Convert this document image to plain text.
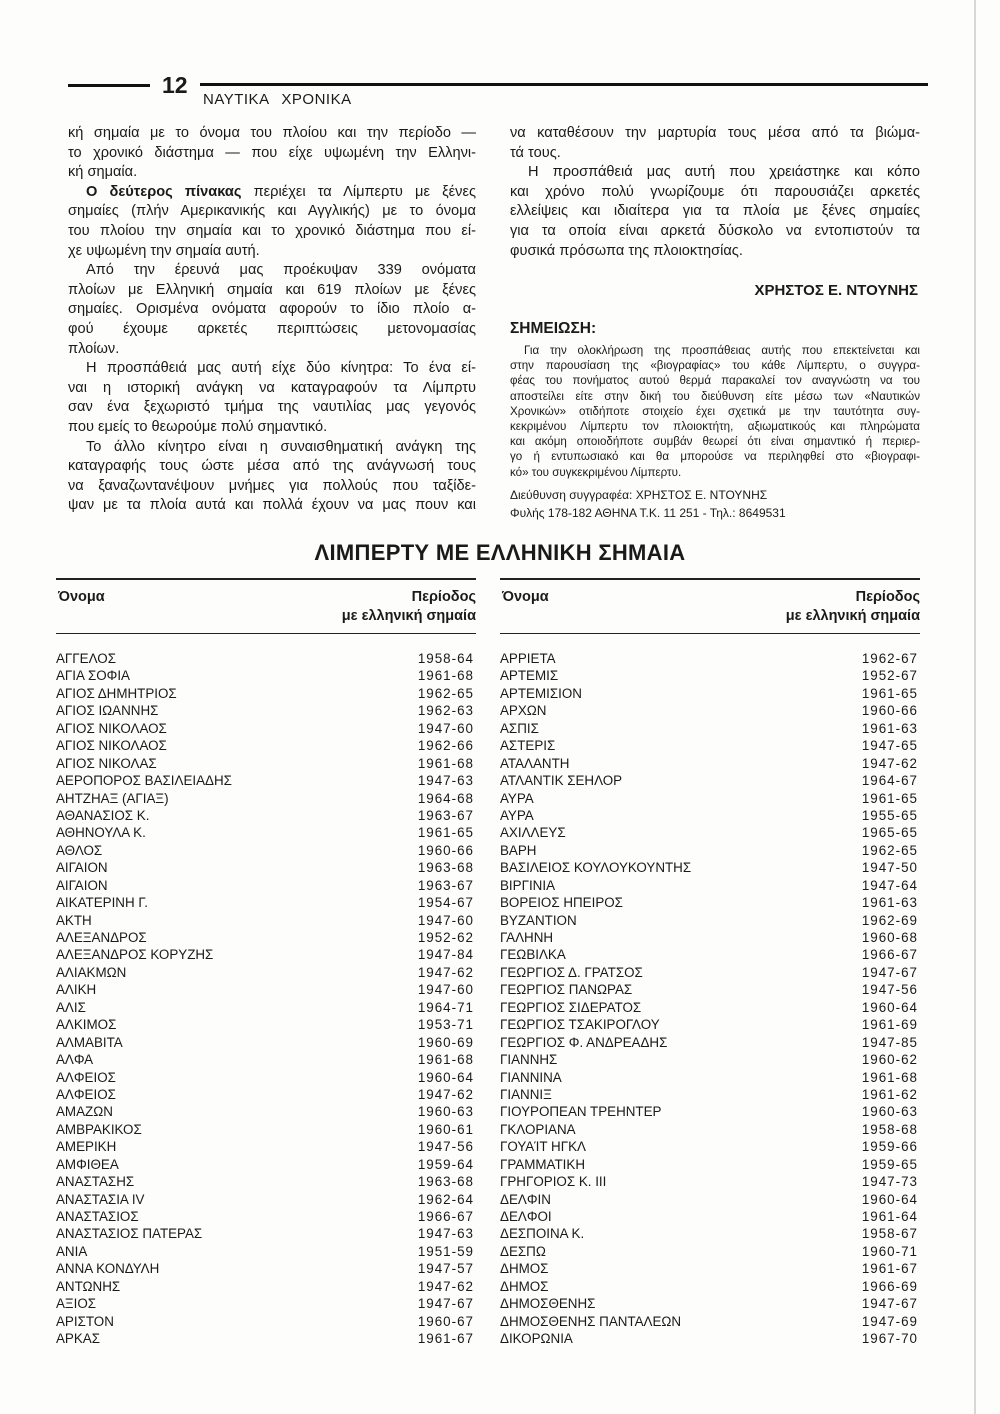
12
ΝΑΥΤΙΚΑ ΧΡΟΝΙΚΑ
κή σημαία με το όνομα του πλοίου και την περίοδο —
το χρονικό διάστημα — που είχε υψωμένη την Ελληνι-
κή σημαία.
Ο δεύτερος πίνακας περιέχει τα Λίμπερτυ με ξένες
σημαίες (πλήν Αμερικανικής και Αγγλικής) με το όνομα
του πλοίου την σημαία και το χρονικό διάστημα που εί-
χε υψωμένη την σημαία αυτή.
Από την έρευνά μας προέκυψαν 339 ονόματα
πλοίων με Ελληνική σημαία και 619 πλοίων με ξένες
σημαίες. Ορισμένα ονόματα αφορούν το ίδιο πλοίο α-
φού έχουμε αρκετές περιπτώσεις μετονομασίας
πλοίων.
Η προσπάθειά μας αυτή είχε δύο κίνητρα: Το ένα εί-
ναι η ιστορική ανάγκη να καταγραφούν τα Λίμπρτυ
σαν ένα ξεχωριστό τμήμα της ναυτιλίας μας γεγονός
που εμείς το θεωρούμε πολύ σημαντικό.
Το άλλο κίνητρο είναι η συναισθηματική ανάγκη της
καταγραφής τους ώστε μέσα από της ανάγνωσή τους
να ξαναζωντανέψουν μνήμες για πολλούς που ταξίδε-
ψαν με τα πλοία αυτά και πολλά έχουν να μας πουν και
να καταθέσουν την μαρτυρία τους μέσα από τα βιώμα-
τά τους.
Η προσπάθειά μας αυτή που χρειάστηκε και κόπο
και χρόνο πολύ γνωρίζουμε ότι παρουσιάζει αρκετές
ελλείψεις και ιδιαίτερα για τα πλοία με ξένες σημαίες
για τα οποία είναι αρκετά δύσκολο να εντοπιστούν τα
φυσικά πρόσωπα της πλοιοκτησίας.
ΧΡΗΣΤΟΣ Ε. ΝΤΟΥΝΗΣ
ΣΗΜΕΙΩΣΗ:
Για την ολοκλήρωση της προσπάθειας αυτής που επεκτείνεται και
στην παρουσίαση της «βιογραφίας» του κάθε Λίμπερτυ, ο συγγρα-
φέας του πονήματος αυτού θερμά παρακαλεί τον αναγνώστη να του
αποστείλει είτε στην δική του διεύθυνση είτε μέσω των «Ναυτικών
Χρονικών» οτιδήποτε στοιχείο έχει σχετικά με την ταυτότητα συγ-
κεκριμένου Λίμπερτυ τον πλοιοκτήτη, αξιωματικούς και πληρώματα
και ακόμη οποιοδήποτε συμβάν θεωρεί ότι είναι σημαντικό ή περιερ-
γο ή εντυπωσιακό και θα μπορούσε να περιληφθεί στο «βιογραφι-
κό» του συγκεκριμένου Λίμπερτυ.
Διεύθυνση συγγραφέα: ΧΡΗΣΤΟΣ Ε. ΝΤΟΥΝΗΣ
Φυλής 178-182 ΑΘΗΝΑ Τ.Κ. 11 251 - Τηλ.: 8649531
ΛΙΜΠΕΡΤΥ ΜΕ ΕΛΛΗΝΙΚΗ ΣΗΜΑΙΑ
Όνομα	Περίοδος
με ελληνική σημαία
ΑΓΓΕΛΟΣ	1958-64
ΑΓΙΑ ΣΟΦΙΑ	1961-68
ΑΓΙΟΣ ΔΗΜΗΤΡΙΟΣ	1962-65
ΑΓΙΟΣ ΙΩΑΝΝΗΣ	1962-63
ΑΓΙΟΣ ΝΙΚΟΛΑΟΣ	1947-60
ΑΓΙΟΣ ΝΙΚΟΛΑΟΣ	1962-66
ΑΓΙΟΣ ΝΙΚΟΛΑΣ	1961-68
ΑΕΡΟΠΟΡΟΣ ΒΑΣΙΛΕΙΑΔΗΣ	1947-63
ΑΗΤΖΗΑΞ (ΑΓΙΑΞ)	1964-68
ΑΘΑΝΑΣΙΟΣ Κ.	1963-67
ΑΘΗΝΟΥΛΑ Κ.	1961-65
ΑΘΛΟΣ	1960-66
ΑΙΓΑΙΟΝ	1963-68
ΑΙΓΑΙΟΝ	1963-67
ΑΙΚΑΤΕΡΙΝΗ Γ.	1954-67
ΑΚΤΗ	1947-60
ΑΛΕΞΑΝΔΡΟΣ	1952-62
ΑΛΕΞΑΝΔΡΟΣ ΚΟΡΥΖΗΣ	1947-84
ΑΛΙΑΚΜΩΝ	1947-62
ΑΛΙΚΗ	1947-60
ΑΛΙΣ	1964-71
ΑΛΚΙΜΟΣ	1953-71
ΑΛΜΑΒΙΤΑ	1960-69
ΑΛΦΑ	1961-68
ΑΛΦΕΙΟΣ	1960-64
ΑΛΦΕΙΟΣ	1947-62
ΑΜΑΖΩΝ	1960-63
ΑΜΒΡΑΚΙΚΟΣ	1960-61
ΑΜΕΡΙΚΗ	1947-56
ΑΜΦΙΘΕΑ	1959-64
ΑΝΑΣΤΑΣΗΣ	1963-68
ΑΝΑΣΤΑΣΙΑ IV	1962-64
ΑΝΑΣΤΑΣΙΟΣ	1966-67
ΑΝΑΣΤΑΣΙΟΣ ΠΑΤΕΡΑΣ	1947-63
ΑΝΙΑ	1951-59
ΑΝΝΑ ΚΟΝΔΥΛΗ	1947-57
ΑΝΤΩΝΗΣ	1947-62
ΑΞΙΟΣ	1947-67
ΑΡΙΣΤΟΝ	1960-67
ΑΡΚΑΣ	1961-67
Όνομα	Περίοδος
με ελληνική σημαία
ΑΡΡΙΕΤΑ	1962-67
ΑΡΤΕΜΙΣ	1952-67
ΑΡΤΕΜΙΣΙΟΝ	1961-65
ΑΡΧΩΝ	1960-66
ΑΣΠΙΣ	1961-63
ΑΣΤΕΡΙΣ	1947-65
ΑΤΑΛΑΝΤΗ	1947-62
ΑΤΛΑΝΤΙΚ ΣΕΗΛΟΡ	1964-67
ΑΥΡΑ	1961-65
ΑΥΡΑ	1955-65
ΑΧΙΛΛΕΥΣ	1965-65
ΒΑΡΗ	1962-65
ΒΑΣΙΛΕΙΟΣ ΚΟΥΛΟΥΚΟΥΝΤΗΣ	1947-50
ΒΙΡΓΙΝΙΑ	1947-64
ΒΟΡΕΙΟΣ ΗΠΕΙΡΟΣ	1961-63
ΒΥΖΑΝΤΙΟΝ	1962-69
ΓΑΛΗΝΗ	1960-68
ΓΕΩΒΙΛΚΑ	1966-67
ΓΕΩΡΓΙΟΣ Δ. ΓΡΑΤΣΟΣ	1947-67
ΓΕΩΡΓΙΟΣ ΠΑΝΩΡΑΣ	1947-56
ΓΕΩΡΓΙΟΣ ΣΙΔΕΡΑΤΟΣ	1960-64
ΓΕΩΡΓΙΟΣ ΤΣΑΚΙΡΟΓΛΟΥ	1961-69
ΓΕΩΡΓΙΟΣ Φ. ΑΝΔΡΕΑΔΗΣ	1947-85
ΓΙΑΝΝΗΣ	1960-62
ΓΙΑΝΝΙΝΑ	1961-68
ΓΙΑΝΝΙΞ	1961-62
ΓΙΟΥΡΟΠΕΑΝ ΤΡΕΗΝΤΕΡ	1960-63
ΓΚΛΟΡΙΑΝΑ	1958-68
ΓΟΥΑΊΤ ΗΓΚΛ	1959-66
ΓΡΑΜΜΑΤΙΚΗ	1959-65
ΓΡΗΓΟΡΙΟΣ Κ. III	1947-73
ΔΕΛΦΙΝ	1960-64
ΔΕΛΦΟΙ	1961-64
ΔΕΣΠΟΙΝΑ Κ.	1958-67
ΔΕΣΠΩ	1960-71
ΔΗΜΟΣ	1961-67
ΔΗΜΟΣ	1966-69
ΔΗΜΟΣΘΕΝΗΣ	1947-67
ΔΗΜΟΣΘΕΝΗΣ ΠΑΝΤΑΛΕΩΝ	1947-69
ΔΙΚΟΡΩΝΙΑ	1967-70
